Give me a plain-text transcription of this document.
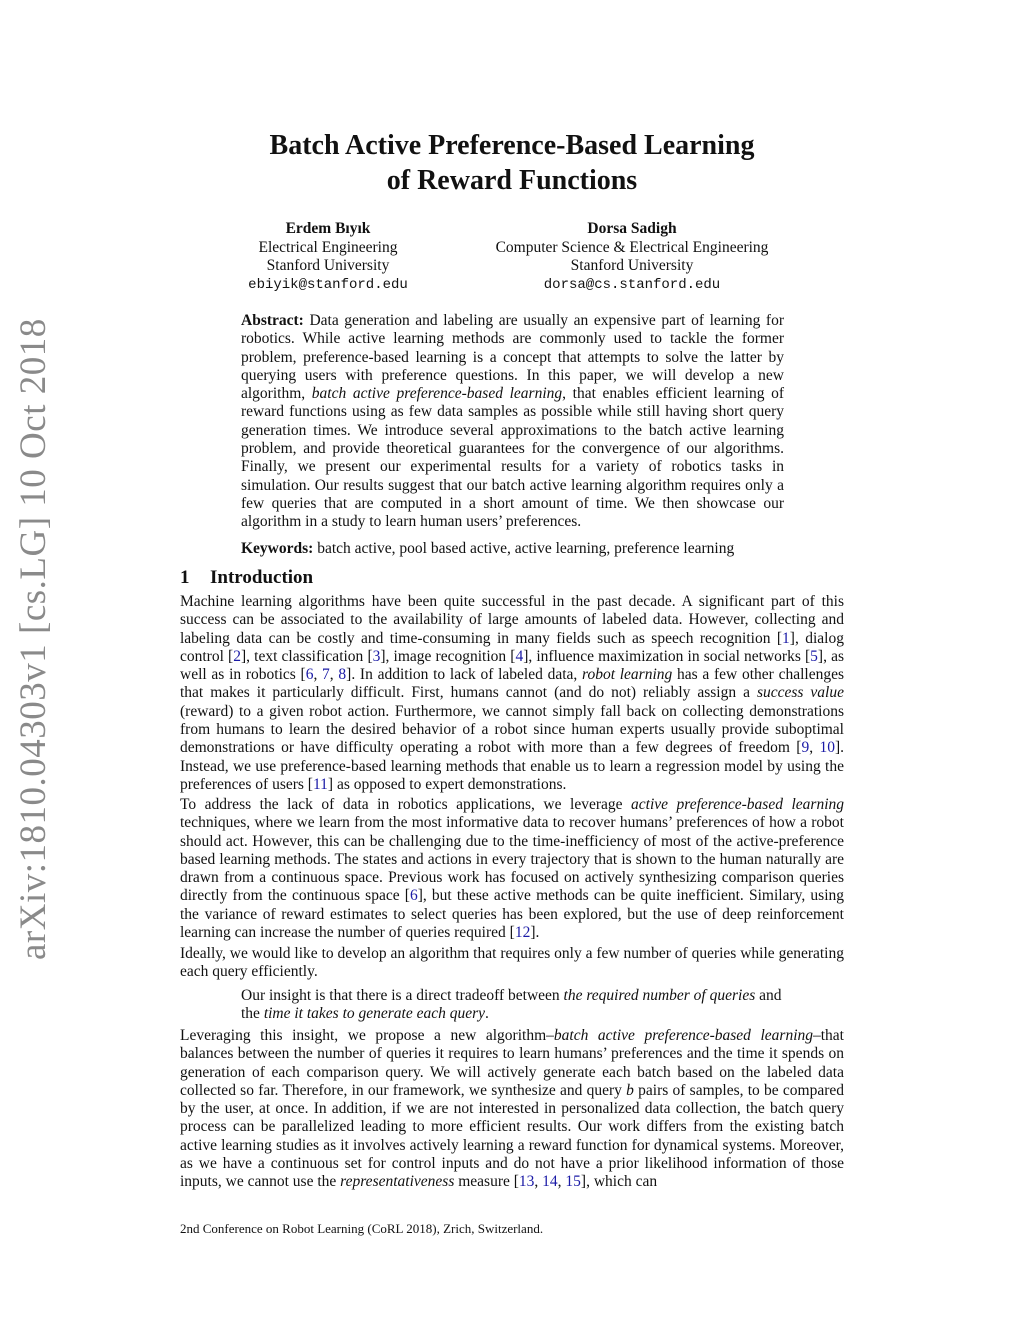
arXiv:1810.04303v1 [cs.LG] 10 Oct 2018
Batch Active Preference-Based Learning
of Reward Functions
Erdem Bıyık
Electrical Engineering
Stanford University
ebiyik@stanford.edu
Dorsa Sadigh
Computer Science & Electrical Engineering
Stanford University
dorsa@cs.stanford.edu
Abstract: Data generation and labeling are usually an expensive part of learning for robotics. While active learning methods are commonly used to tackle the former problem, preference-based learning is a concept that attempts to solve the latter by querying users with preference questions. In this paper, we will develop a new algorithm, batch active preference-based learning, that enables efficient learning of reward functions using as few data samples as possible while still having short query generation times. We introduce several approximations to the batch active learning problem, and provide theoretical guarantees for the convergence of our algorithms. Finally, we present our experimental results for a variety of robotics tasks in simulation. Our results suggest that our batch active learning algorithm requires only a few queries that are computed in a short amount of time. We then showcase our algorithm in a study to learn human users’ preferences.
Keywords: batch active, pool based active, active learning, preference learning
1 Introduction
Machine learning algorithms have been quite successful in the past decade. A significant part of this success can be associated to the availability of large amounts of labeled data. However, collecting and labeling data can be costly and time-consuming in many fields such as speech recognition [1], dialog control [2], text classification [3], image recognition [4], influence maximization in social networks [5], as well as in robotics [6, 7, 8]. In addition to lack of labeled data, robot learning has a few other challenges that makes it particularly difficult. First, humans cannot (and do not) reliably assign a success value (reward) to a given robot action. Furthermore, we cannot simply fall back on collecting demonstrations from humans to learn the desired behavior of a robot since human experts usually provide suboptimal demonstrations or have difficulty operating a robot with more than a few degrees of freedom [9, 10]. Instead, we use preference-based learning methods that enable us to learn a regression model by using the preferences of users [11] as opposed to expert demonstrations.
To address the lack of data in robotics applications, we leverage active preference-based learning techniques, where we learn from the most informative data to recover humans’ preferences of how a robot should act. However, this can be challenging due to the time-inefficiency of most of the active-preference based learning methods. The states and actions in every trajectory that is shown to the human naturally are drawn from a continuous space. Previous work has focused on actively synthesizing comparison queries directly from the continuous space [6], but these active methods can be quite inefficient. Similary, using the variance of reward estimates to select queries has been explored, but the use of deep reinforcement learning can increase the number of queries required [12].
Ideally, we would like to develop an algorithm that requires only a few number of queries while generating each query efficiently.
Our insight is that there is a direct tradeoff between the required number of queries and the time it takes to generate each query.
Leveraging this insight, we propose a new algorithm–batch active preference-based learning–that balances between the number of queries it requires to learn humans’ preferences and the time it spends on generation of each comparison query. We will actively generate each batch based on the labeled data collected so far. Therefore, in our framework, we synthesize and query b pairs of samples, to be compared by the user, at once. In addition, if we are not interested in personalized data collection, the batch query process can be parallelized leading to more efficient results. Our work differs from the existing batch active learning studies as it involves actively learning a reward function for dynamical systems. Moreover, as we have a continuous set for control inputs and do not have a prior likelihood information of those inputs, we cannot use the representativeness measure [13, 14, 15], which can
2nd Conference on Robot Learning (CoRL 2018), Zrich, Switzerland.
